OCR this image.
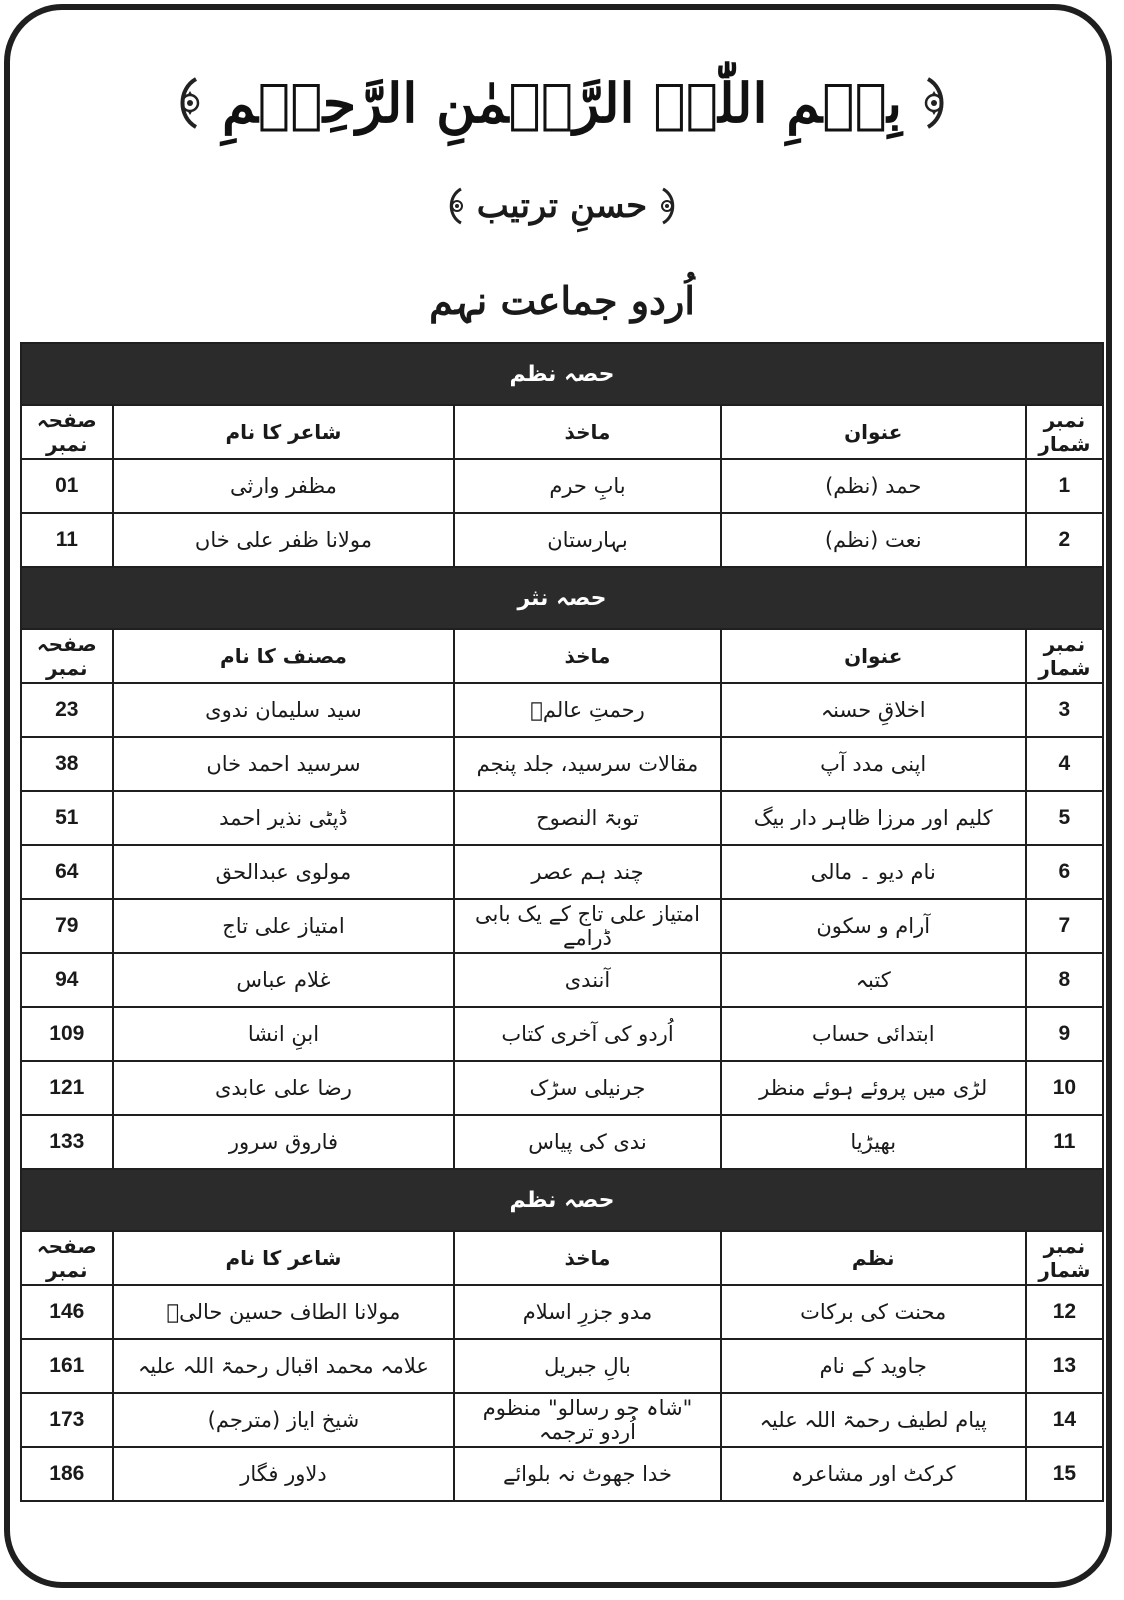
بِسۡمِ اللّٰہِ الرَّحۡمٰنِ الرَّحِیۡمِ
حسنِ ترتیب
اُردو جماعت نہم
حصہ نظم				
نمبر شمار	عنوان	ماخذ	شاعر کا نام	صفحہ نمبر
1	حمد (نظم)	بابِ حرم	مظفر وارثی	01
2	نعت (نظم)	بہارستان	مولانا ظفر علی خاں	11
حصہ نثر				
نمبر شمار	عنوان	ماخذ	مصنف کا نام	صفحہ نمبر
3	اخلاقِ حسنہ	رحمتِ عالمؐ	سید سلیمان ندوی	23
4	اپنی مدد آپ	مقالات سرسید، جلد پنجم	سرسید احمد خاں	38
5	کلیم اور مرزا ظاہر دار بیگ	توبۃ النصوح	ڈپٹی نذیر احمد	51
6	نام دیو ۔ مالی	چند ہم عصر	مولوی عبدالحق	64
7	آرام و سکون	امتیاز علی تاج کے یک بابی ڈرامے	امتیاز علی تاج	79
8	کتبہ	آنندی	غلام عباس	94
9	ابتدائی حساب	اُردو کی آخری کتاب	ابنِ انشا	109
10	لڑی میں پروئے ہوئے منظر	جرنیلی سڑک	رضا علی عابدی	121
11	بھیڑیا	ندی کی پیاس	فاروق سرور	133
حصہ نظم				
نمبر شمار	نظم	ماخذ	شاعر کا نام	صفحہ نمبر
12	محنت کی برکات	مدو جزرِ اسلام	مولانا الطاف حسین حالیؔ	146
13	جاوید کے نام	بالِ جبریل	علامہ محمد اقبال رحمۃ اللہ علیہ	161
14	پیام لطیف رحمۃ اللہ علیہ	"شاہ جو رسالو" منظوم اُردو ترجمہ	شیخ ایاز (مترجم)	173
15	کرکٹ اور مشاعرہ	خدا جھوٹ نہ بلوائے	دلاور فگار	186
